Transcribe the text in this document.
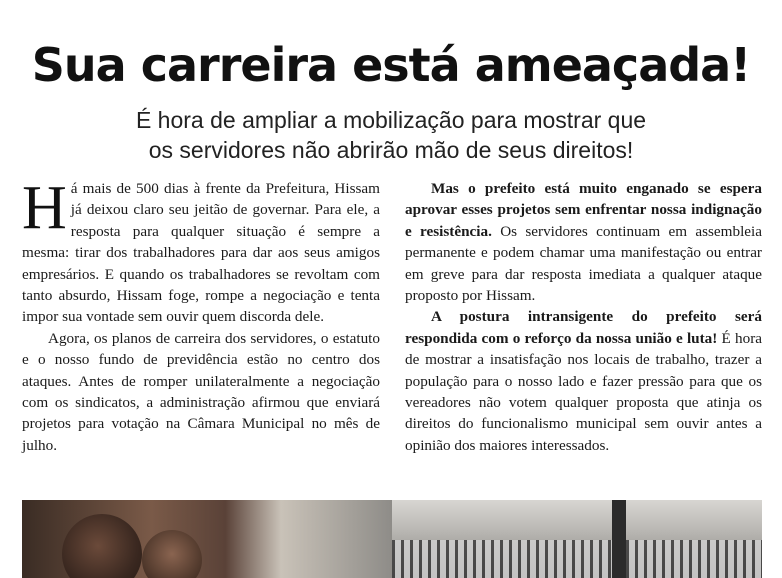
Sua carreira está ameaçada!
É hora de ampliar a mobilização para mostrar que
os servidores não abrirão mão de seus direitos!

Há mais de 500 dias à frente da Prefeitura, Hissam já deixou claro seu jeitão de governar. Para ele, a resposta para qualquer situação é sempre a mesma: tirar dos trabalhadores para dar aos seus amigos empresários. E quando os trabalhadores se revoltam com tanto absurdo, Hissam foge, rompe a negociação e tenta impor sua vontade sem ouvir quem discorda dele.

Agora, os planos de carreira dos servidores, o estatuto e o nosso fundo de previdência estão no centro dos ataques. Antes de romper unilateralmente a negociação com os sindicatos, a administração afirmou que enviará projetos para votação na Câmara Municipal no mês de julho.

Mas o prefeito está muito enganado se espera aprovar esses projetos sem enfrentar nossa indignação e resistência. Os servidores continuam em assembleia permanente e podem chamar uma manifestação ou entrar em greve para dar resposta imediata a qualquer ataque proposto por Hissam.

A postura intransigente do prefeito será respondida com o reforço da nossa união e luta! É hora de mostrar a insatisfação nos locais de trabalho, trazer a população para o nosso lado e fazer pressão para que os vereadores não votem qualquer proposta que atinja os direitos do funcionalismo municipal sem ouvir antes a opinião dos maiores interessados.
